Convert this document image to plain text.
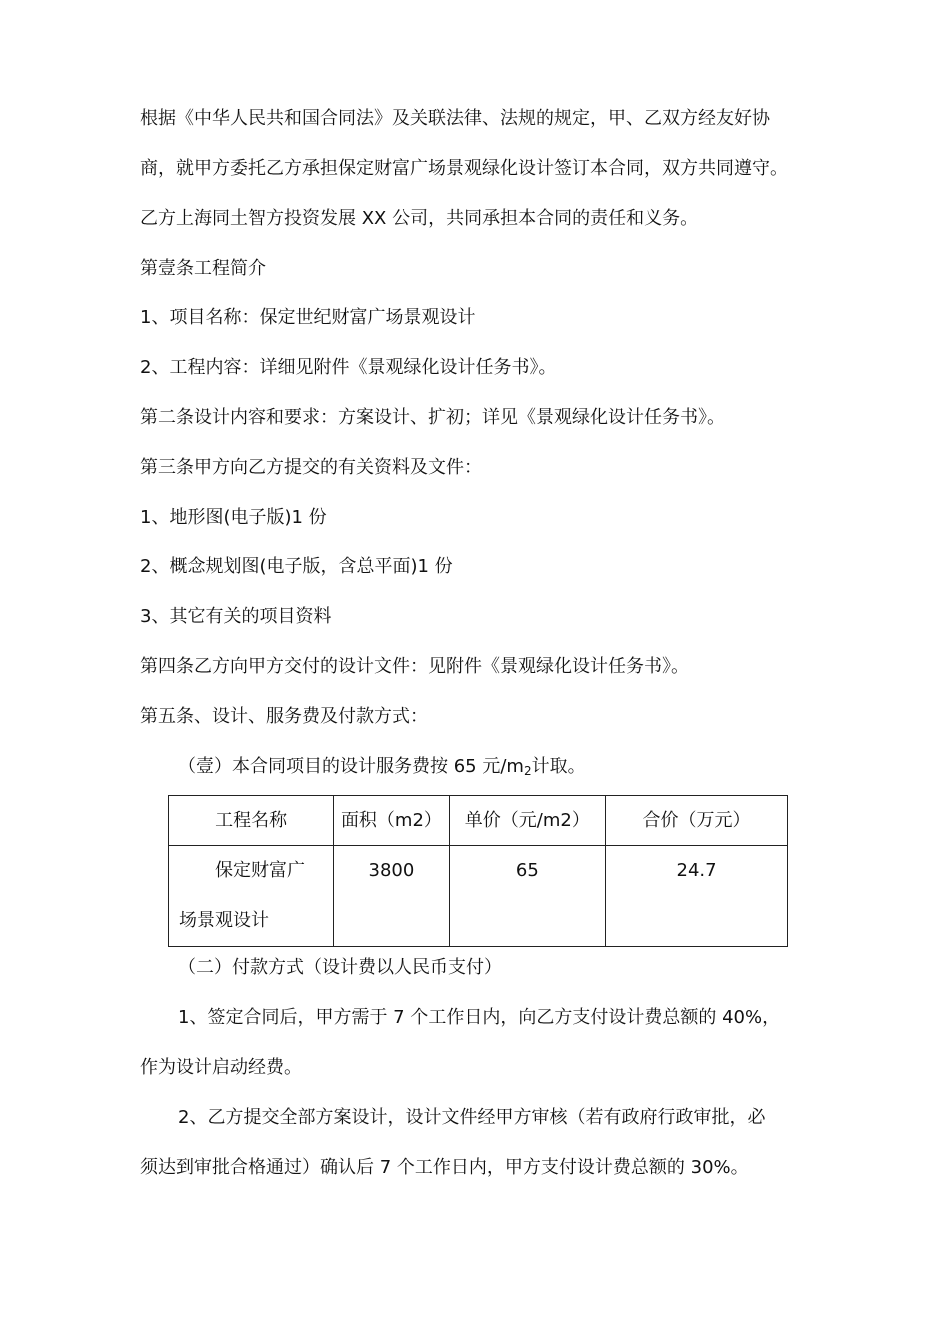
根据《中华人民共和国合同法》及关联法律、法规的规定，甲、乙双方经友好协
商，就甲方委托乙方承担保定财富广场景观绿化设计签订本合同，双方共同遵守。
乙方上海同土智方投资发展 XX 公司，共同承担本合同的责任和义务。
第壹条工程简介
1、项目名称：保定世纪财富广场景观设计
2、工程内容：详细见附件《景观绿化设计任务书》。
第二条设计内容和要求：方案设计、扩初；详见《景观绿化设计任务书》。
第三条甲方向乙方提交的有关资料及文件：
1、地形图(电子版)1 份
2、概念规划图(电子版，含总平面)1 份
3、其它有关的项目资料
第四条乙方向甲方交付的设计文件：见附件《景观绿化设计任务书》。
第五条、设计、服务费及付款方式：
（壹）本合同项目的设计服务费按 65 元/m2计取。
工程名称	面积（m2）	单价（元/m2）	合价（万元）

保定财富广
场景观设计	3800	65	24.7
（二）付款方式（设计费以人民币支付）
1、签定合同后，甲方需于 7 个工作日内，向乙方支付设计费总额的 40%，
作为设计启动经费。
2、乙方提交全部方案设计，设计文件经甲方审核（若有政府行政审批，必
须达到审批合格通过）确认后 7 个工作日内，甲方支付设计费总额的 30%。
